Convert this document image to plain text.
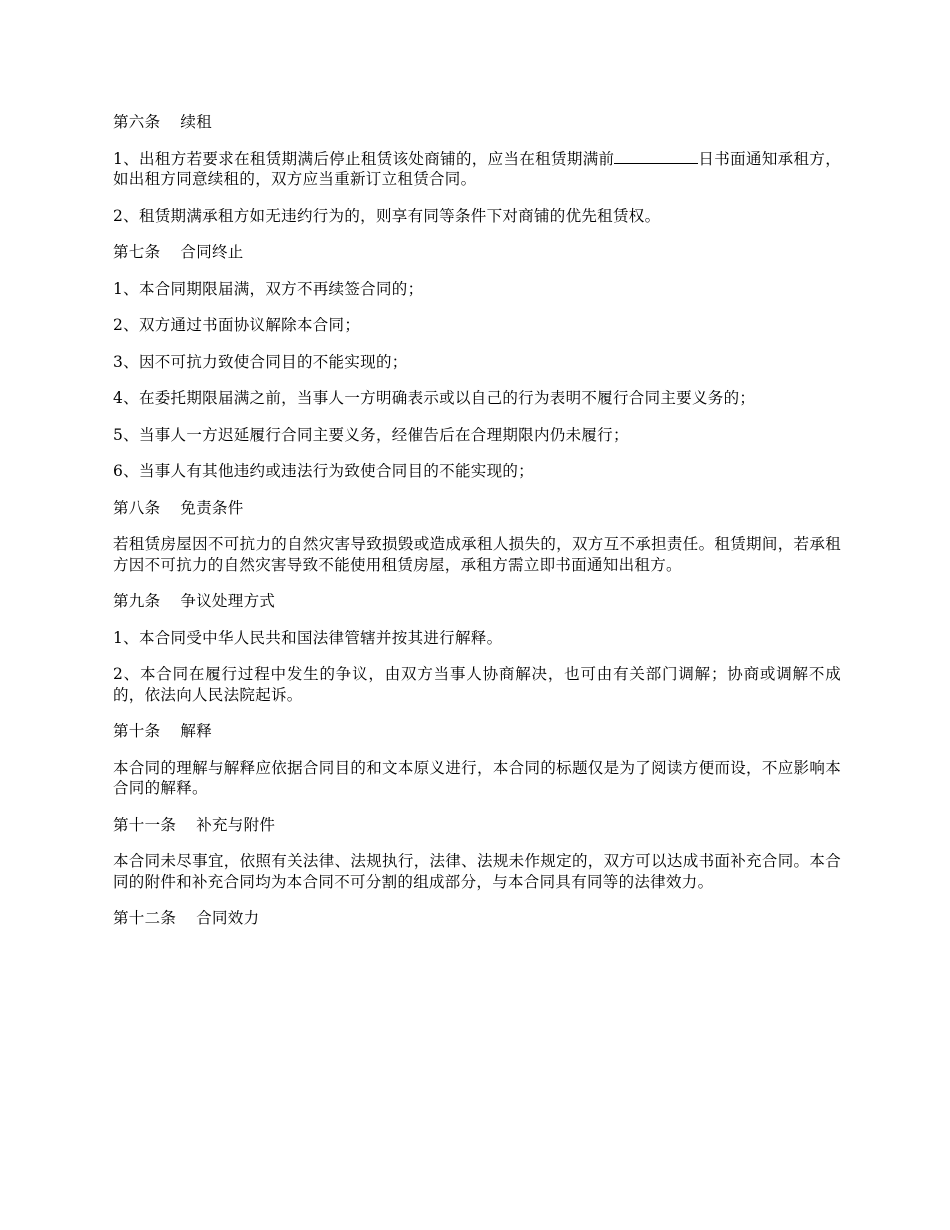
第六条 续租

1、出租方若要求在租赁期满后停止租赁该处商铺的，应当在租赁期满前	日书面通知承租方，如出租方同意续租的，双方应当重新订立租赁合同。

2、租赁期满承租方如无违约行为的，则享有同等条件下对商铺的优先租赁权。

第七条 合同终止

1、本合同期限届满，双方不再续签合同的；

2、双方通过书面协议解除本合同；

3、因不可抗力致使合同目的不能实现的；

4、在委托期限届满之前，当事人一方明确表示或以自己的行为表明不履行合同主要义务的；

5、当事人一方迟延履行合同主要义务，经催告后在合理期限内仍未履行；

6、当事人有其他违约或违法行为致使合同目的不能实现的；

第八条 免责条件

若租赁房屋因不可抗力的自然灾害导致损毁或造成承租人损失的，双方互不承担责任。租赁期间，若承租方因不可抗力的自然灾害导致不能使用租赁房屋，承租方需立即书面通知出租方。

第九条 争议处理方式

1、本合同受中华人民共和国法律管辖并按其进行解释。

2、本合同在履行过程中发生的争议，由双方当事人协商解决，也可由有关部门调解；协商或调解不成的，依法向人民法院起诉。

第十条 解释

本合同的理解与解释应依据合同目的和文本原义进行，本合同的标题仅是为了阅读方便而设，不应影响本合同的解释。

第十一条 补充与附件

本合同未尽事宜，依照有关法律、法规执行，法律、法规未作规定的，双方可以达成书面补充合同。本合同的附件和补充合同均为本合同不可分割的组成部分，与本合同具有同等的法律效力。

第十二条 合同效力
